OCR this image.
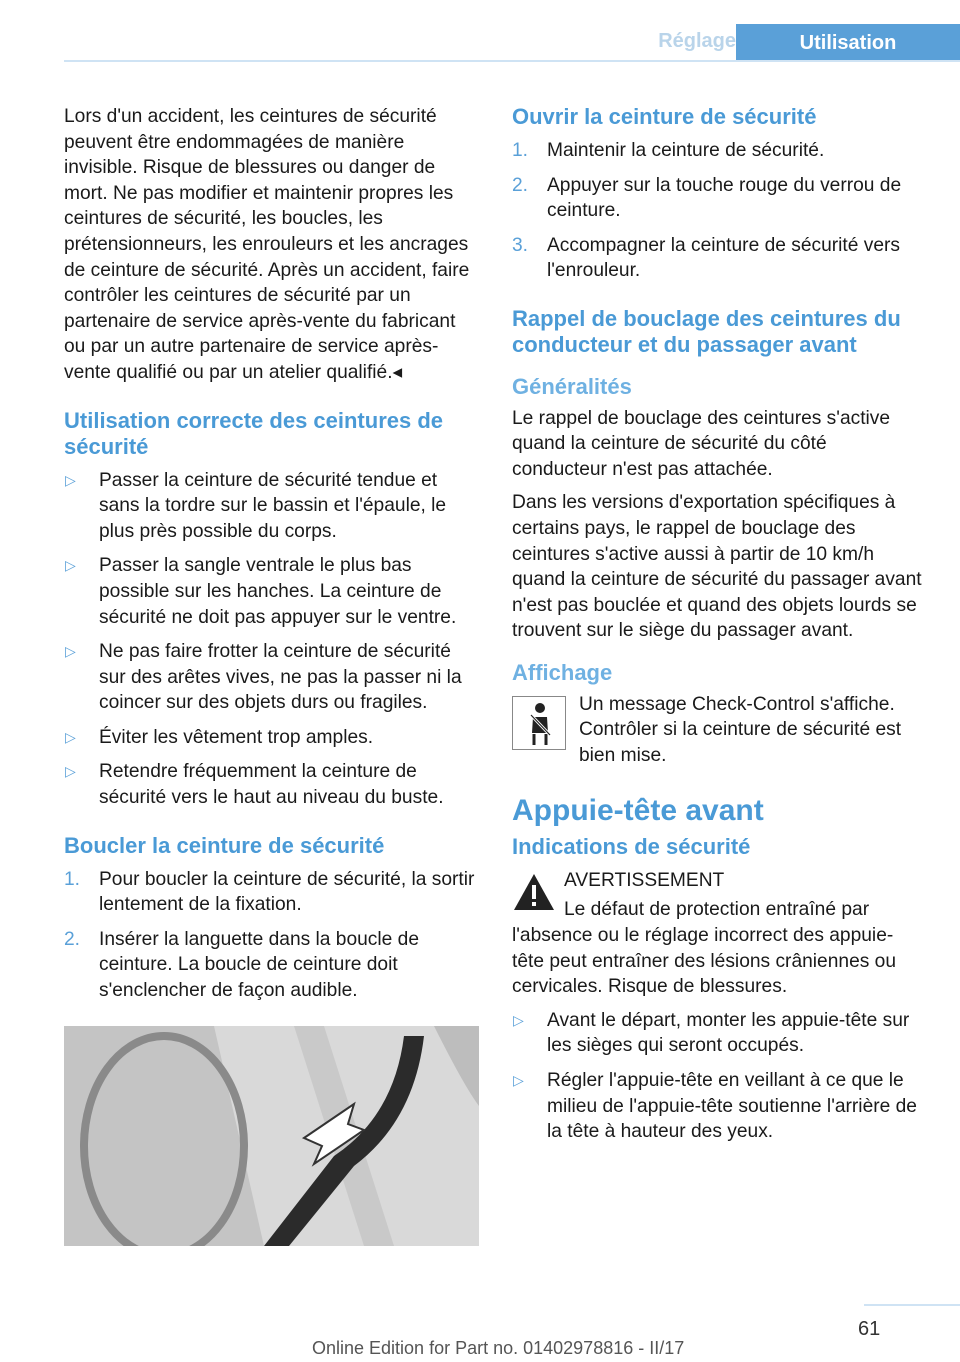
Réglage	Utilisation

Lors d'un accident, les ceintures de sécurité peuvent être endommagées de manière invisible. Risque de blessures ou danger de mort. Ne pas modifier et maintenir propres les ceintures de sécurité, les boucles, les prétensionneurs, les enrouleurs et les ancrages de ceinture de sécurité. Après un accident, faire contrôler les ceintures de sécurité par un partenaire de service après-vente du fabricant ou par un autre partenaire de service après-vente qualifié ou par un atelier qualifié.◂

Utilisation correcte des ceintures de sécurité
▷ Passer la ceinture de sécurité tendue et sans la tordre sur le bassin et l'épaule, le plus près possible du corps.
▷ Passer la sangle ventrale le plus bas possible sur les hanches. La ceinture de sécurité ne doit pas appuyer sur le ventre.
▷ Ne pas faire frotter la ceinture de sécurité sur des arêtes vives, ne pas la passer ni la coincer sur des objets durs ou fragiles.
▷ Éviter les vêtement trop amples.
▷ Retendre fréquemment la ceinture de sécurité vers le haut au niveau du buste.
Boucler la ceinture de sécurité
1. Pour boucler la ceinture de sécurité, la sortir lentement de la fixation.
2. Insérer la languette dans la boucle de ceinture. La boucle de ceinture doit s'enclencher de façon audible.
Ouvrir la ceinture de sécurité
1. Maintenir la ceinture de sécurité.
2. Appuyer sur la touche rouge du verrou de ceinture.
3. Accompagner la ceinture de sécurité vers l'enrouleur.
Rappel de bouclage des ceintures du conducteur et du passager avant
Généralités

Le rappel de bouclage des ceintures s'active quand la ceinture de sécurité du côté conducteur n'est pas attachée.

Dans les versions d'exportation spécifiques à certains pays, le rappel de bouclage des ceintures s'active aussi à partir de 10 km/h quand la ceinture de sécurité du passager avant n'est pas bouclée et quand des objets lourds se trouvent sur le siège du passager avant.

Affichage

Un message Check-Control s'affiche. Contrôler si la ceinture de sécurité est bien mise.

Appuie-tête avant
Indications de sécurité

AVERTISSEMENT

Le défaut de protection entraîné par l'absence ou le réglage incorrect des appuie-tête peut entraîner des lésions crâniennes ou cervicales. Risque de blessures.

▷ Avant le départ, monter les appuie-tête sur les sièges qui seront occupés.
▷ Régler l'appuie-tête en veillant à ce que le milieu de l'appuie-tête soutienne l'arrière de la tête à hauteur des yeux.
61
Online Edition for Part no. 01402978816 - II/17
